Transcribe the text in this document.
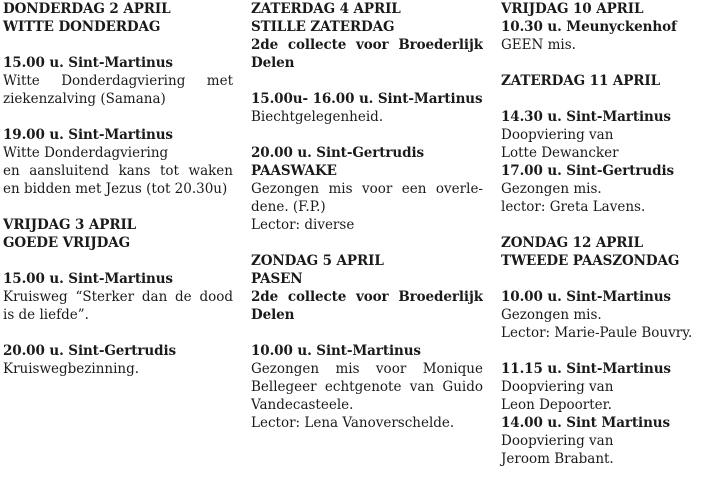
DONDERDAG 2 APRIL
WITTE DONDERDAG
15.00 u. Sint-Martinus
Witte Donderdagviering met
ziekenzalving (Samana)
19.00 u. Sint-Martinus
Witte Donderdagviering
en aansluitend kans tot waken
en bidden met Jezus (tot 20.30u)
VRIJDAG 3 APRIL
GOEDE VRIJDAG
15.00 u. Sint-Martinus
Kruisweg “Sterker dan de dood
is de liefde”.
20.00 u. Sint-Gertrudis
Kruiswegbezinning.
ZATERDAG 4 APRIL
STILLE ZATERDAG
2de collecte voor Broederlijk
Delen
15.00u- 16.00 u. Sint-Martinus
Biechtgelegenheid.
20.00 u. Sint-Gertrudis
PAASWAKE
Gezongen mis voor een overle-
dene. (F.P.)
Lector: diverse
ZONDAG 5 APRIL
PASEN
2de collecte voor Broederlijk
Delen
10.00 u. Sint-Martinus
Gezongen mis voor Monique
Bellegeer echtgenote van Guido
Vandecasteele.
Lector: Lena Vanoverschelde.
VRIJDAG 10 APRIL
10.30 u. Meunyckenhof
GEEN mis.
ZATERDAG 11 APRIL
14.30 u. Sint-Martinus
Doopviering van
Lotte Dewancker
17.00 u. Sint-Gertrudis
Gezongen mis.
lector: Greta Lavens.
ZONDAG 12 APRIL
TWEEDE PAASZONDAG
10.00 u. Sint-Martinus
Gezongen mis.
Lector: Marie-Paule Bouvry.
11.15 u. Sint-Martinus
Doopviering van
Leon Depoorter.
14.00 u. Sint Martinus
Doopviering van
Jeroom Brabant.
